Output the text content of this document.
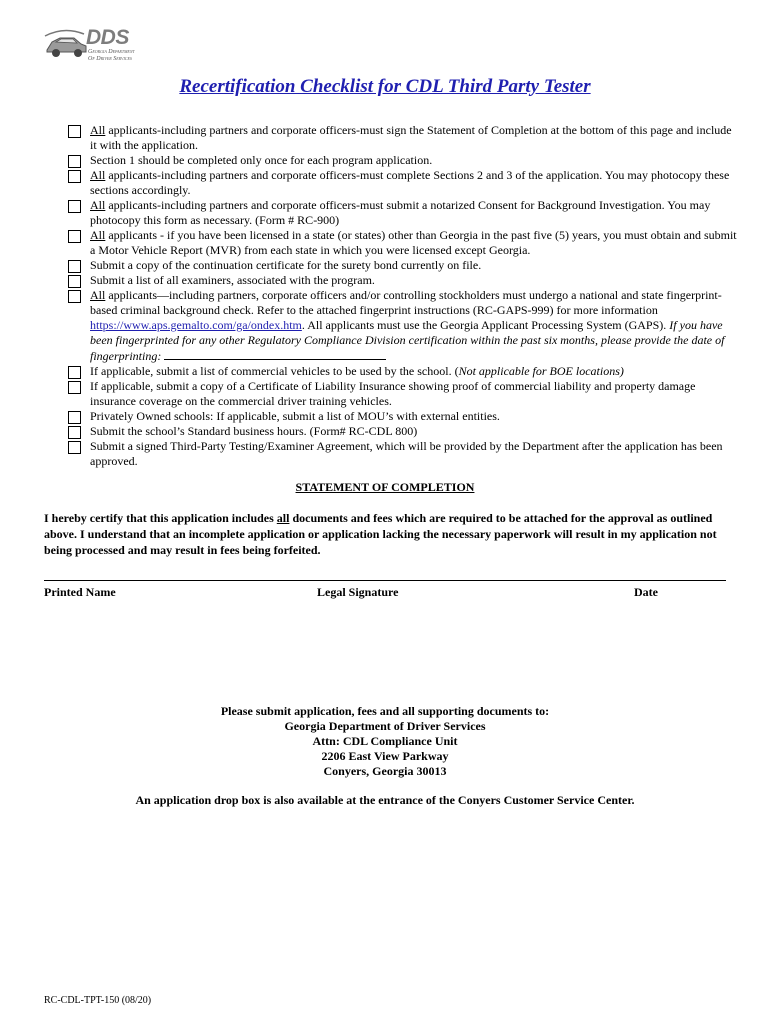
DDS
Georgia Department
Of Driver Services
Recertification Checklist for CDL Third Party Tester
All applicants-including partners and corporate officers-must sign the Statement of Completion at the bottom of this page and include it with the application.
Section 1 should be completed only once for each program application.
All applicants-including partners and corporate officers-must complete Sections 2 and 3 of the application. You may photocopy these sections accordingly.
All applicants-including partners and corporate officers-must submit a notarized Consent for Background Investigation. You may photocopy this form as necessary. (Form # RC-900)
All applicants - if you have been licensed in a state (or states) other than Georgia in the past five (5) years, you must obtain and submit a Motor Vehicle Report (MVR) from each state in which you were licensed except Georgia.
Submit a copy of the continuation certificate for the surety bond currently on file.
Submit a list of all examiners, associated with the program.
All applicants—including partners, corporate officers and/or controlling stockholders must undergo a national and state fingerprint-based criminal background check. Refer to the attached fingerprint instructions (RC-GAPS-999) for more information https://www.aps.gemalto.com/ga/ondex.htm. All applicants must use the Georgia Applicant Processing System (GAPS). If you have been fingerprinted for any other Regulatory Compliance Division certification within the past six months, please provide the date of fingerprinting:
If applicable, submit a list of commercial vehicles to be used by the school. (Not applicable for BOE locations)
If applicable, submit a copy of a Certificate of Liability Insurance showing proof of commercial liability and property damage insurance coverage on the commercial driver training vehicles.
Privately Owned schools: If applicable, submit a list of MOU’s with external entities.
Submit the school’s Standard business hours. (Form# RC-CDL 800)
Submit a signed Third-Party Testing/Examiner Agreement, which will be provided by the Department after the application has been approved.
STATEMENT OF COMPLETION
I hereby certify that this application includes all documents and fees which are required to be attached for the approval as outlined above. I understand that an incomplete application or application lacking the necessary paperwork will result in my application not being processed and may result in fees being forfeited.
Printed Name	Legal Signature	Date
Please submit application, fees and all supporting documents to:
Georgia Department of Driver Services
Attn: CDL Compliance Unit
2206 East View Parkway
Conyers, Georgia 30013
An application drop box is also available at the entrance of the Conyers Customer Service Center.
RC-CDL-TPT-150 (08/20)
